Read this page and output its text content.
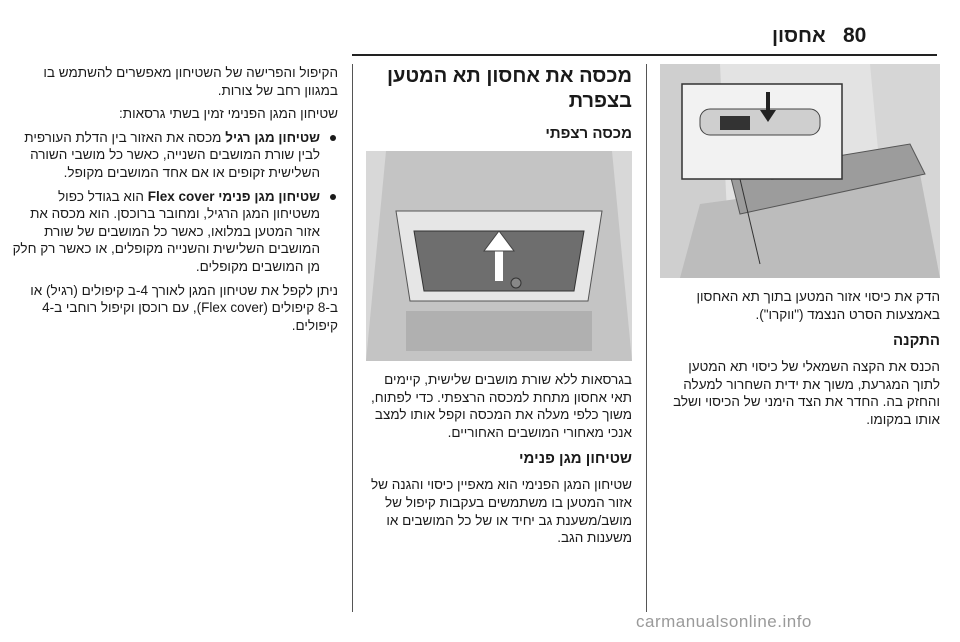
80
אחסון

הדק את כיסוי אזור המטען בתוך תא האחסון באמצעות הסרט הנצמד ("ווקרו").

התקנה

הכנס את הקצה השמאלי של כיסוי תא המטען לתוך המגרעת, משוך את ידית השחרור למעלה והחזק בה. החדר את הצד הימני של הכיסוי ושלב אותו במקומו.

מכסה את אחסון תא המטען בצפרת
מכסה רצפתי

בגרסאות ללא שורת מושבים שלישית, קיימים תאי אחסון מתחת למכסה הרצפתי. כדי לפתוח, משוך כלפי מעלה את המכסה וקפל אותו למצב אנכי מאחורי המושבים האחוריים.

שטיחון מגן פנימי

שטיחון המגן הפנימי הוא מאפיין כיסוי והגנה של אזור המטען בו משתמשים בעקבות קיפול של מושב/משענת גב יחיד או של כל המושבים או משענות הגב.

הקיפול והפרישה של השטיחון מאפשרים להשתמש בו במגוון רחב של צורות.

שטיחון המגן הפנימי זמין בשתי גרסאות:

שטיחון מגן רגיל מכסה את האזור בין הדלת העורפית לבין שורת המושבים השנייה, כאשר כל מושבי השורה השלישית זקופים או אם אחד המושבים מקופל.
שטיחון מגן פנימי Flex cover הוא בגודל כפול משטיחון המגן הרגיל, ומחובר ברוכסן. הוא מכסה את אזור המטען במלואו, כאשר כל המושבים של שורת המושבים השלישית והשנייה מקופלים, או כאשר רק חלק מן המושבים מקופלים.

ניתן לקפל את שטיחון המגן לאורך 4-ב קיפולים (רגיל) או ב-8 קיפולים (Flex cover), עם רוכסן וקיפול רוחבי ב-4 קיפולים.

carmanualsonline.info
